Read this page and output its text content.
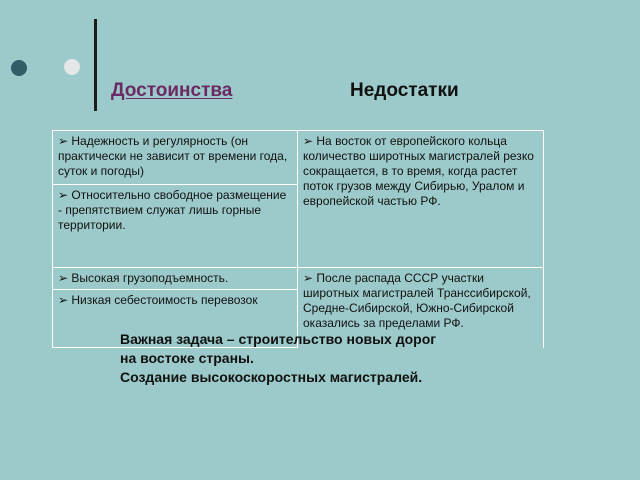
Достоинства	Недостатки
➢ Надежность и регулярность (он практически не зависит от времени года, суток и погоды)	➢ На восток от европейского кольца количество широтных магистралей резко сокращается, в то время, когда растет поток грузов между Сибирью, Уралом и европейской частью РФ.
➢ Относительно свободное размещение - препятствием служат лишь горные территории.	
➢ Высокая грузоподъемность.	➢ После распада СССР участки широтных магистралей Транссибирской, Средне-Сибирской, Южно-Сибирской оказались за пределами РФ.
➢ Низкая себестоимость перевозок	
Важная задача – строительство новых дорог
на востоке страны.
Создание высокоскоростных магистралей.
